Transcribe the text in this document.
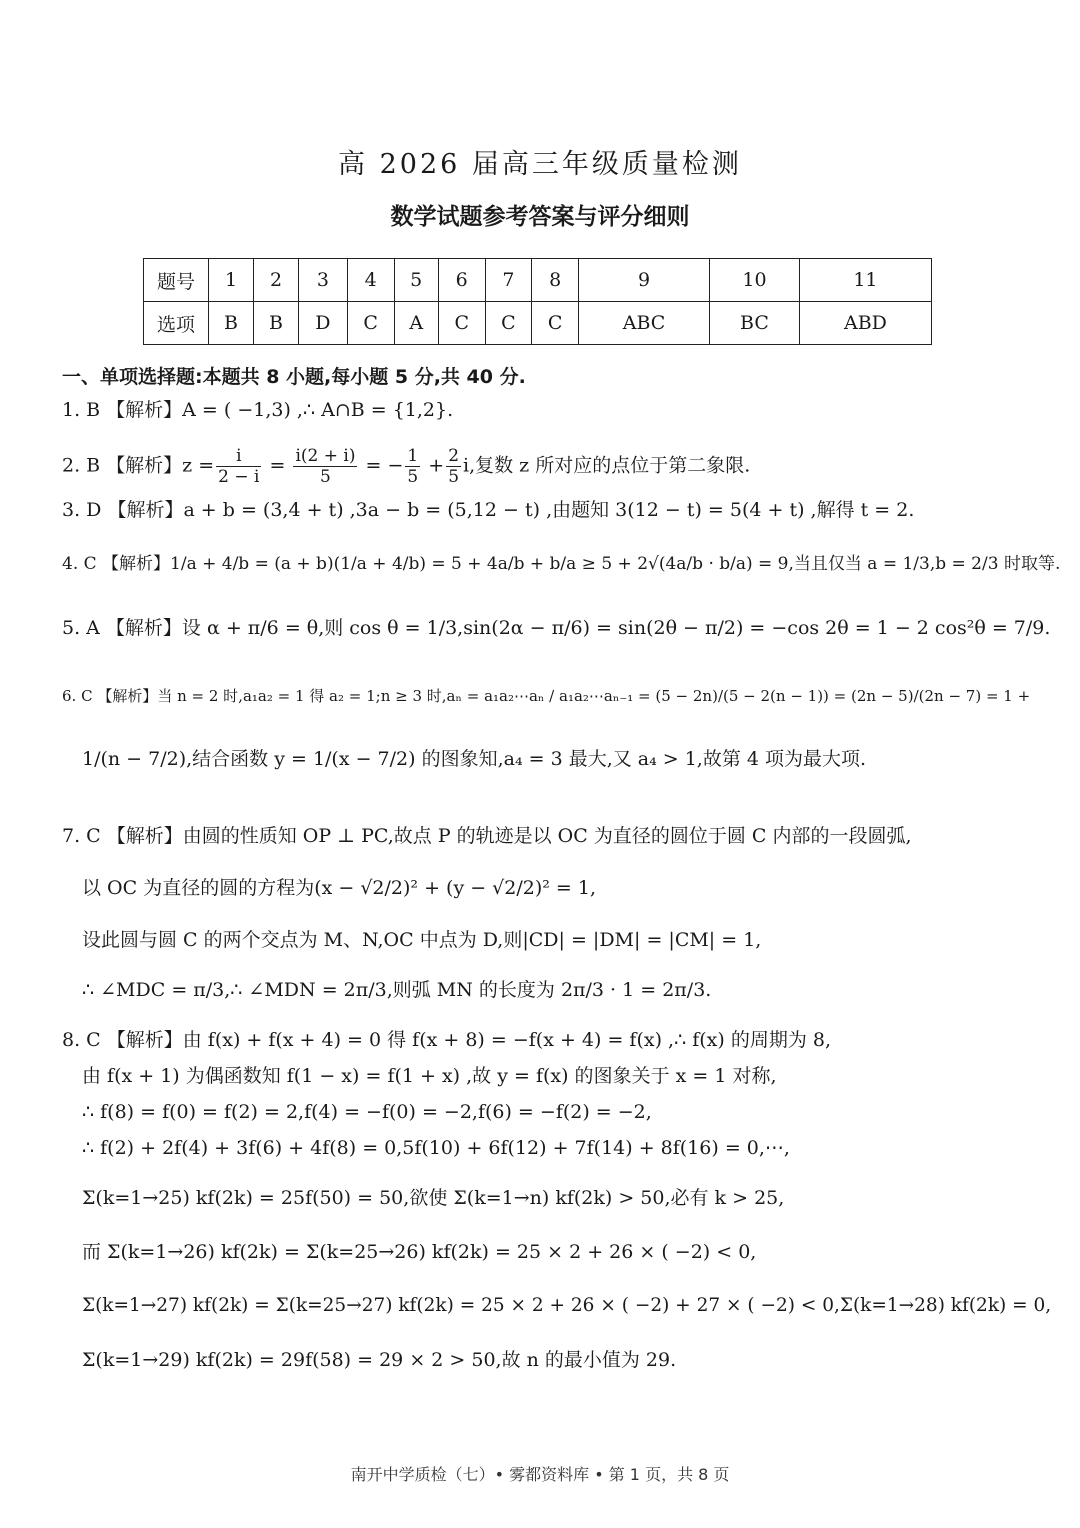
高 2026 届高三年级质量检测
数学试题参考答案与评分细则
题号	1	2	3	4	5	6	7	8	9	10	11
选项	B	B	D	C	A	C	C	C	ABC	BC	ABD
一、单项选择题:本题共 8 小题,每小题 5 分,共 40 分.
1. B 【解析】A = ( −1,3) ,∴ A∩B = {1,2}.
2. B 【解析】$z = \frac{i}{2 - i} = \frac{i(2 + i)}{5}$ = − $\frac{1}{5} + \frac{2}{5} i$,复数 z 所对应的点位于第二象限.
3. D 【解析】a + b = (3,4 + t) ,3a − b = (5,12 − t) ,由题知 3(12 − t) = 5(4 + t) ,解得 t = 2.
4. C 【解析】1/a + 4/b = (a + b)(1/a + 4/b) = 5 + 4a/b + b/a ≥ 5 + 2√(4a/b · b/a) = 9,当且仅当 a = 1/3,b = 2/3 时取等.
5. A 【解析】设 α + π/6 = θ,则 cos θ = 1/3,sin(2α − π/6) = sin(2θ − π/2) = −cos 2θ = 1 − 2 cos²θ = 7/9.
6. C 【解析】当 n = 2 时,a₁a₂ = 1 得 a₂ = 1;n ≥ 3 时,aₙ = a₁a₂⋯aₙ / a₁a₂⋯aₙ₋₁ = (5 − 2n)/(5 − 2(n − 1)) = (2n − 5)/(2n − 7) = 1 +
1/(n − 7/2),结合函数 y = 1/(x − 7/2) 的图象知,a₄ = 3 最大,又 a₄ > 1,故第 4 项为最大项.
7. C 【解析】由圆的性质知 OP ⊥ PC,故点 P 的轨迹是以 OC 为直径的圆位于圆 C 内部的一段圆弧,
以 OC 为直径的圆的方程为(x − √2/2)² + (y − √2/2)² = 1,
设此圆与圆 C 的两个交点为 M、N,OC 中点为 D,则|CD| = |DM| = |CM| = 1,
∴ ∠MDC = π/3,∴ ∠MDN = 2π/3,则弧 MN 的长度为 2π/3 · 1 = 2π/3.
8. C 【解析】由 f(x) + f(x + 4) = 0 得 f(x + 8) = −f(x + 4) = f(x) ,∴ f(x) 的周期为 8,
由 f(x + 1) 为偶函数知 f(1 − x) = f(1 + x) ,故 y = f(x) 的图象关于 x = 1 对称,
∴ f(8) = f(0) = f(2) = 2,f(4) = −f(0) = −2,f(6) = −f(2) = −2,
∴ f(2) + 2f(4) + 3f(6) + 4f(8) = 0,5f(10) + 6f(12) + 7f(14) + 8f(16) = 0,⋯,
Σ(k=1→25) kf(2k) = 25f(50) = 50,欲使 Σ(k=1→n) kf(2k) > 50,必有 k > 25,
而 Σ(k=1→26) kf(2k) = Σ(k=25→26) kf(2k) = 25 × 2 + 26 × ( −2) < 0,
Σ(k=1→27) kf(2k) = Σ(k=25→27) kf(2k) = 25 × 2 + 26 × ( −2) + 27 × ( −2) < 0,Σ(k=1→28) kf(2k) = 0,
Σ(k=1→29) kf(2k) = 29f(58) = 29 × 2 > 50,故 n 的最小值为 29.
南开中学质检（七）• 雾都资料库 • 第 1 页，共 8 页
